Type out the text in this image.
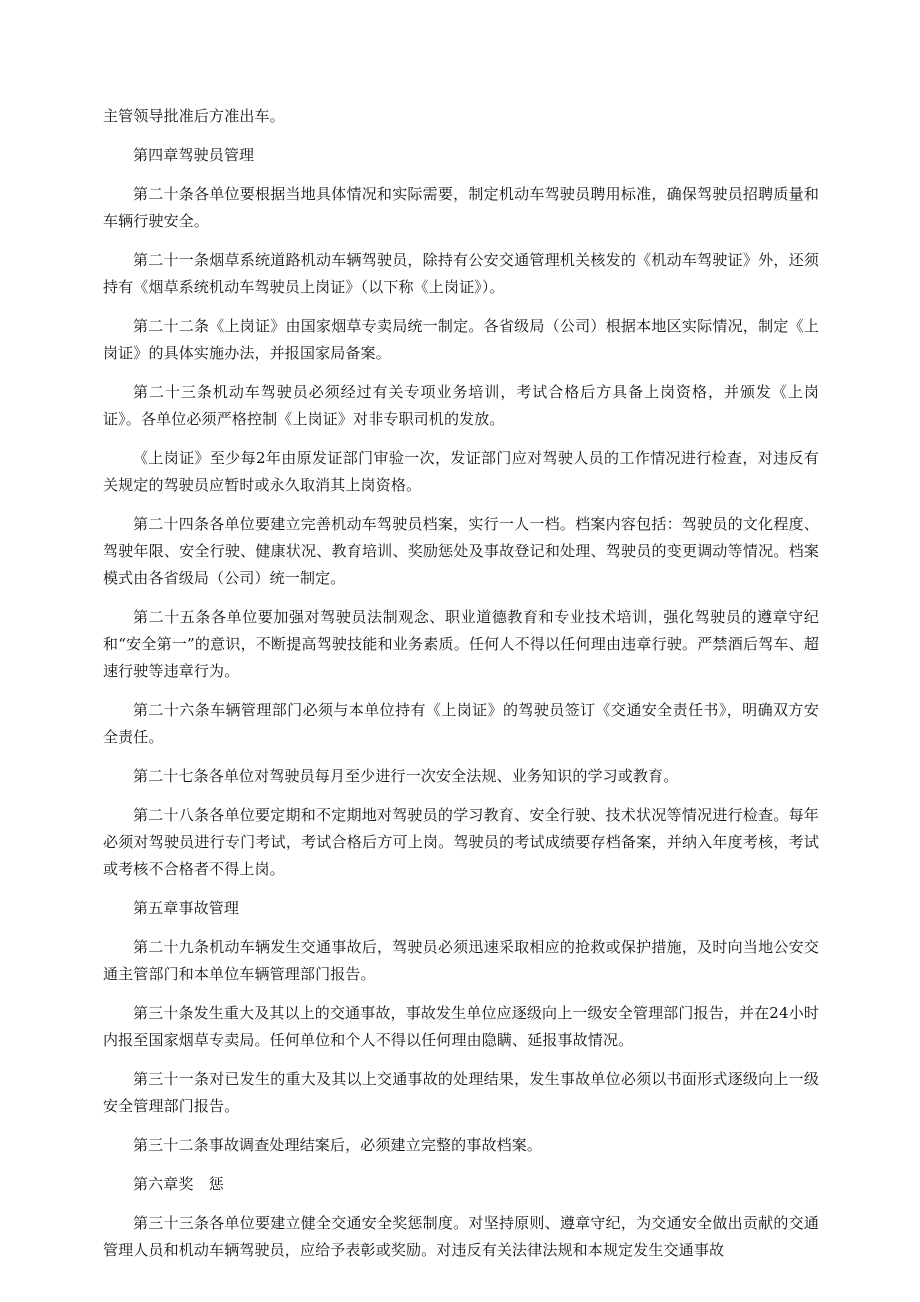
主管领导批准后方准出车。

第四章驾驶员管理

第二十条各单位要根据当地具体情况和实际需要，制定机动车驾驶员聘用标准，确保驾驶员招聘质量和车辆行驶安全。

第二十一条烟草系统道路机动车辆驾驶员，除持有公安交通管理机关核发的《机动车驾驶证》外，还须持有《烟草系统机动车驾驶员上岗证》（以下称《上岗证》）。

第二十二条《上岗证》由国家烟草专卖局统一制定。各省级局（公司）根据本地区实际情况，制定《上岗证》的具体实施办法，并报国家局备案。

第二十三条机动车驾驶员必须经过有关专项业务培训，考试合格后方具备上岗资格，并颁发《上岗证》。各单位必须严格控制《上岗证》对非专职司机的发放。

《上岗证》至少每2年由原发证部门审验一次，发证部门应对驾驶人员的工作情况进行检查，对违反有关规定的驾驶员应暂时或永久取消其上岗资格。

第二十四条各单位要建立完善机动车驾驶员档案，实行一人一档。档案内容包括：驾驶员的文化程度、驾驶年限、安全行驶、健康状况、教育培训、奖励惩处及事故登记和处理、驾驶员的变更调动等情况。档案模式由各省级局（公司）统一制定。

第二十五条各单位要加强对驾驶员法制观念、职业道德教育和专业技术培训，强化驾驶员的遵章守纪和“安全第一”的意识，不断提高驾驶技能和业务素质。任何人不得以任何理由违章行驶。严禁酒后驾车、超速行驶等违章行为。

第二十六条车辆管理部门必须与本单位持有《上岗证》的驾驶员签订《交通安全责任书》，明确双方安全责任。

第二十七条各单位对驾驶员每月至少进行一次安全法规、业务知识的学习或教育。

第二十八条各单位要定期和不定期地对驾驶员的学习教育、安全行驶、技术状况等情况进行检查。每年必须对驾驶员进行专门考试，考试合格后方可上岗。驾驶员的考试成绩要存档备案，并纳入年度考核，考试或考核不合格者不得上岗。

第五章事故管理

第二十九条机动车辆发生交通事故后，驾驶员必须迅速采取相应的抢救或保护措施，及时向当地公安交通主管部门和本单位车辆管理部门报告。

第三十条发生重大及其以上的交通事故，事故发生单位应逐级向上一级安全管理部门报告，并在24小时内报至国家烟草专卖局。任何单位和个人不得以任何理由隐瞒、延报事故情况。

第三十一条对已发生的重大及其以上交通事故的处理结果，发生事故单位必须以书面形式逐级向上一级安全管理部门报告。

第三十二条事故调查处理结案后，必须建立完整的事故档案。

第六章奖　惩

第三十三条各单位要建立健全交通安全奖惩制度。对坚持原则、遵章守纪，为交通安全做出贡献的交通管理人员和机动车辆驾驶员，应给予表彰或奖励。对违反有关法律法规和本规定发生交通事故
